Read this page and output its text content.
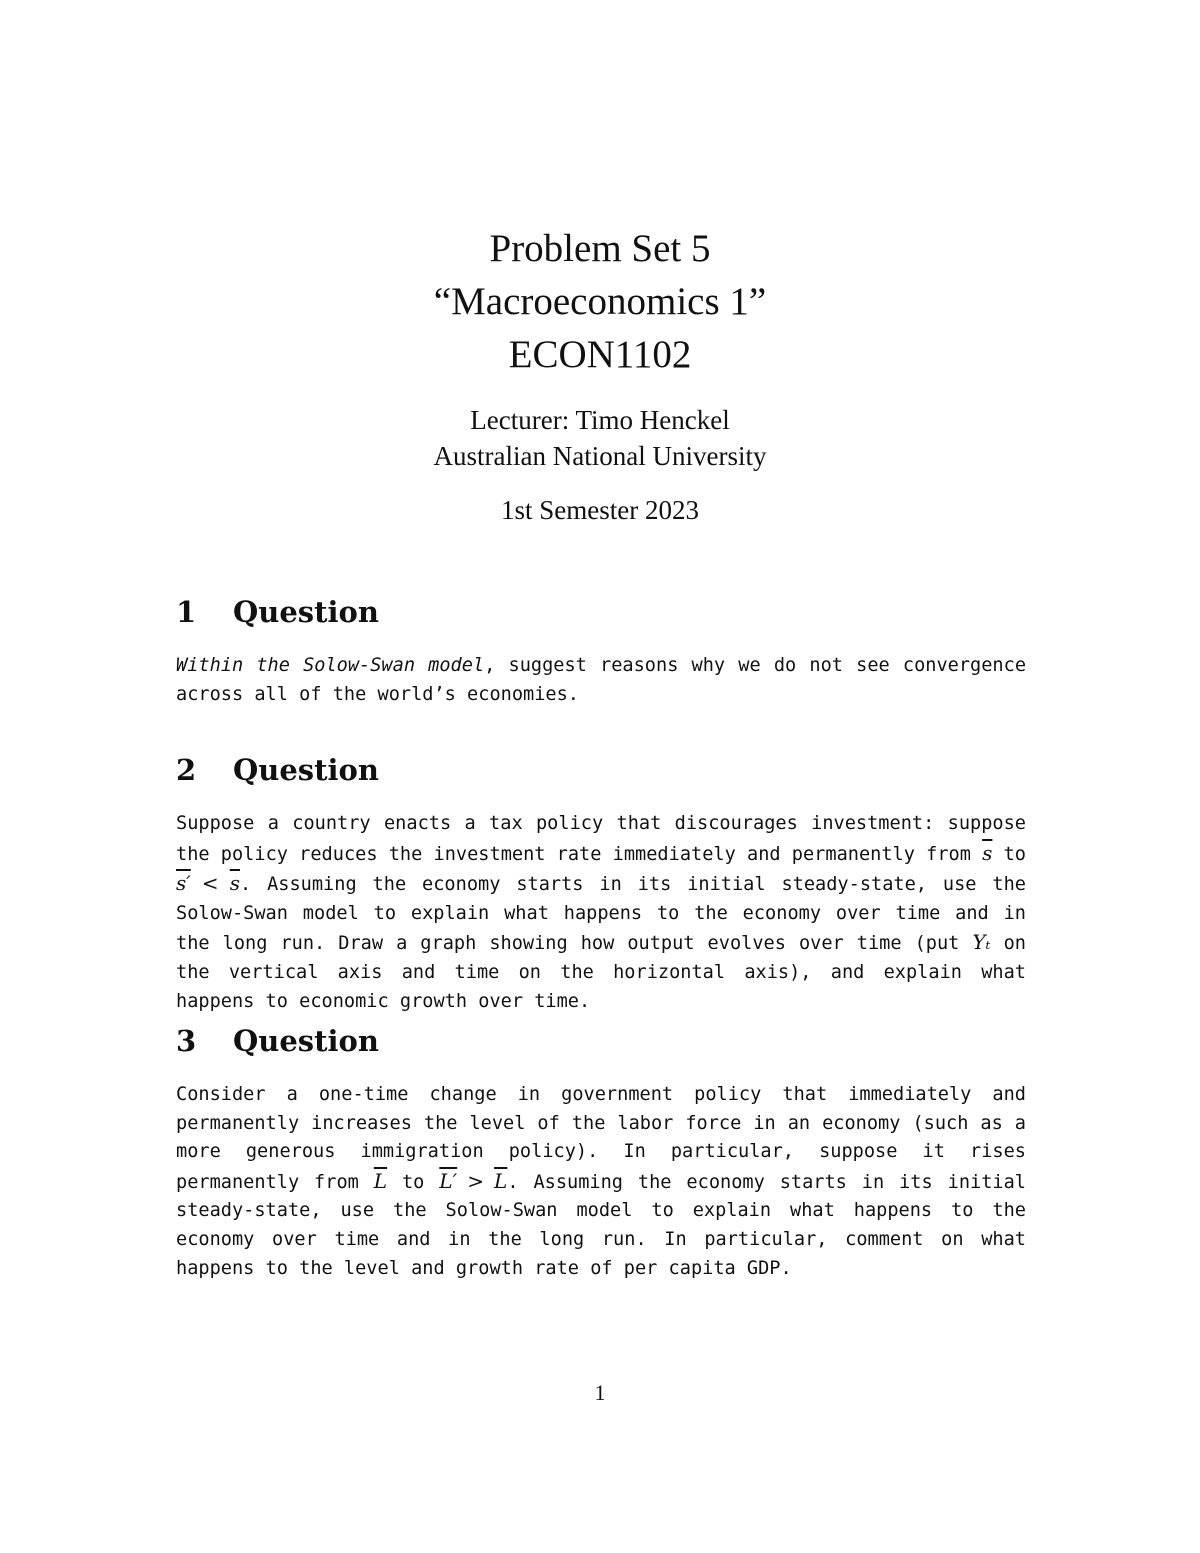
Problem Set 5
“Macroeconomics 1”
ECON1102
Lecturer: Timo Henckel
Australian National University
1st Semester 2023
1	Question

Within the Solow-Swan model, suggest reasons why we do not see convergence across all of the world’s economies.

2	Question

Suppose a country enacts a tax policy that discourages investment: suppose the policy reduces the investment rate immediately and permanently from $\overline{s}$ to $s' < \overline{s}$. Assuming the economy starts in its initial steady-state, use the Solow-Swan model to explain what happens to the economy over time and in the long run. Draw a graph showing how output evolves over time (put Yₜ on the vertical axis and time on the horizontal axis), and explain what happens to economic growth over time.

3	Question

Consider a one-time change in government policy that immediately and permanently increases the level of the labor force in an economy (such as a more generous immigration policy). In particular, suppose it rises permanently from $\overline{L}$ to $L' > \overline{L}$. Assuming the economy starts in its initial steady-state, use the Solow-Swan model to explain what happens to the economy over time and in the long run. In particular, comment on what happens to the level and growth rate of per capita GDP.

1
